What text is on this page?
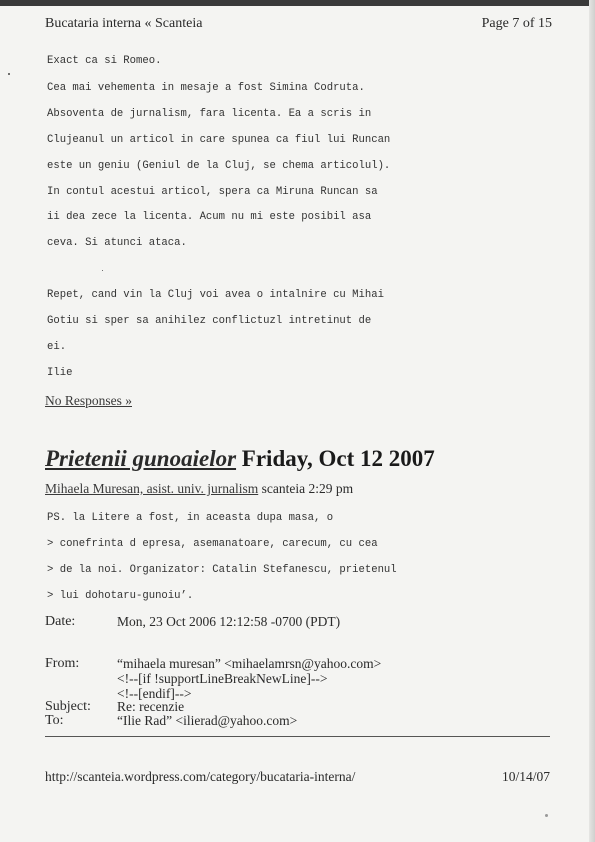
Bucataria interna « Scanteia	Page 7 of 15
Exact ca si Romeo.
Cea mai vehementa in mesaje a fost Simina Codruta.
Absoventa de jurnalism, fara licenta. Ea a scris in
Clujeanul un articol in care spunea ca fiul lui Runcan
este un geniu (Geniul de la Cluj, se chema articolul).
In contul acestui articol, spera ca Miruna Runcan sa
ii dea zece la licenta. Acum nu mi este posibil asa
ceva. Si atunci ataca.
Repet, cand vin la Cluj voi avea o intalnire cu Mihai
Gotiu si sper sa anihilez conflictuzl intretinut de
ei.
Ilie
No Responses »
Prietenii gunoaielor Friday, Oct 12 2007
Mihaela Muresan, asist. univ. jurnalism scanteia 2:29 pm
PS. la Litere a fost, in aceasta dupa masa, o
> conefrinta d epresa, asemanatoare, carecum, cu cea
> de la noi. Organizator: Catalin Stefanescu, prietenul
> lui dohotaru-gunoiu’.
Date:	Mon, 23 Oct 2006 12:12:58 -0700 (PDT)
From:	“mihaela muresan” <mihaelamrsn@yahoo.com>
<!--[if !supportLineBreakNewLine]-->
<!--[endif]-->
Subject: Re: recenzie
To:	“Ilie Rad” <ilierad@yahoo.com>
http://scanteia.wordpress.com/category/bucataria-interna/	10/14/07
